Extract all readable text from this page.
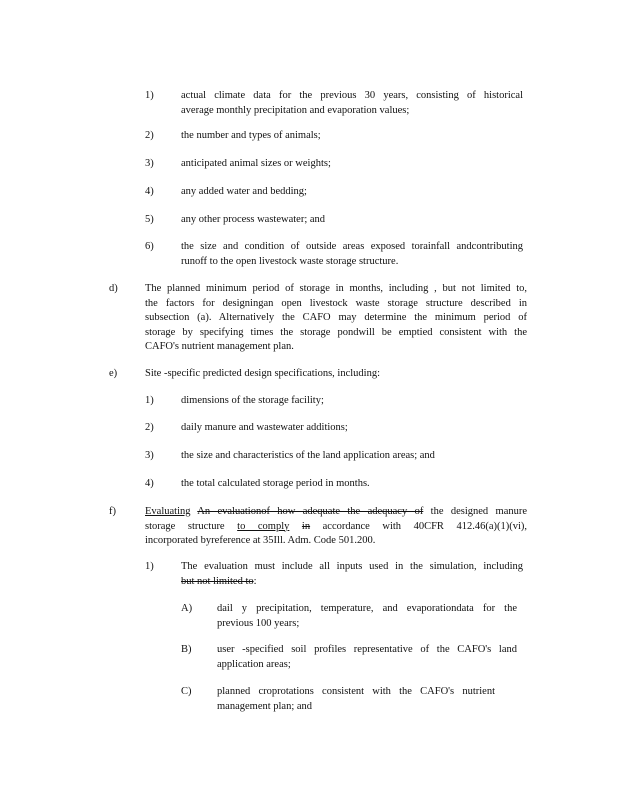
1)	actual climate data for the previous 30 years, consisting of historical
average monthly precipitation and evaporation values;
2)	the number and types of animals;
3)	anticipated animal sizes or weights;
4)	any added water and bedding;
5)	any other process wastewater; and
6)	the size and condition of outside areas exposed torainfall andcontributing
runoff to the open livestock waste storage structure.
d)	The planned minimum period of storage in months, including , but not limited to,
the factors for designingan open livestock waste storage structure described in
subsection (a). Alternatively the CAFO may determine the minimum period of
storage by specifying times the storage pondwill be emptied consistent with the
CAFO's nutrient management plan.
e)	Site -specific predicted design specifications, including:
1)	dimensions of the storage facility;
2)	daily manure and wastewater additions;
3)	the size and characteristics of the land application areas; and
4)	the total calculated storage period in months.
f)	Evaluating An evaluationof how adequate the adequacy of the designed manure
storage structure to comply in accordance with 40CFR 412.46(a)(1)(vi),
incorporated byreference at 35Ill. Adm. Code 501.200.
1)	The evaluation must include all inputs used in the simulation, including
but not limited to:
A) dail y precipitation, temperature, and evaporationdata for the
previous 100 years;
B) user -specified soil profiles representative of the CAFO's land
application areas;
C) planned croprotations consistent with the CAFO's nutrient
management plan; and
